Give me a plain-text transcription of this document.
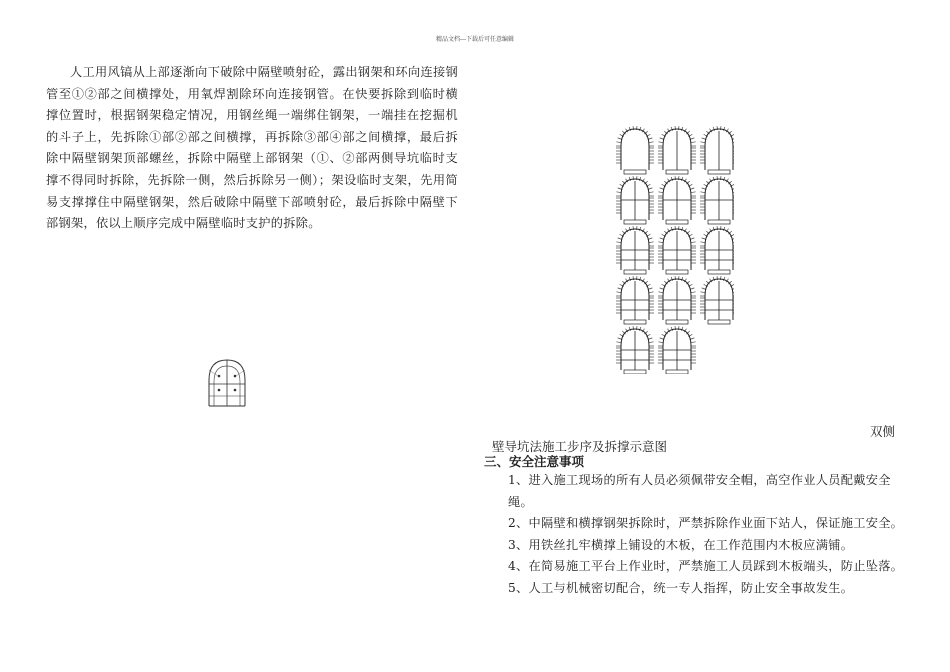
精品文档---下载后可任意编辑
人工用风镐从上部逐渐向下破除中隔壁喷射砼，露出钢架和环向连接钢管至①②部之间横撑处，用氧焊割除环向连接钢管。在快要拆除到临时横撑位置时，根据钢架稳定情况，用钢丝绳一端绑住钢架，一端挂在挖掘机的斗子上，先拆除①部②部之间横撑，再拆除③部④部之间横撑，最后拆除中隔壁钢架顶部螺丝，拆除中隔壁上部钢架（①、②部两侧导坑临时支撑不得同时拆除，先拆除一侧，然后拆除另一侧）；架设临时支架，先用简易支撑撑住中隔壁钢架，然后破除中隔壁下部喷射砼，最后拆除中隔壁下部钢架，依以上顺序完成中隔壁临时支护的拆除。
双侧
壁导坑法施工步序及拆撑示意图
三、安全注意事项

1、进入施工现场的所有人员必须佩带安全帽，高空作业人员配戴安全绳。

2、中隔壁和横撑钢架拆除时，严禁拆除作业面下站人，保证施工安全。

3、用铁丝扎牢横撑上铺设的木板，在工作范围内木板应满铺。

4、在简易施工平台上作业时，严禁施工人员踩到木板端头，防止坠落。

5、人工与机械密切配合，统一专人指挥，防止安全事故发生。
